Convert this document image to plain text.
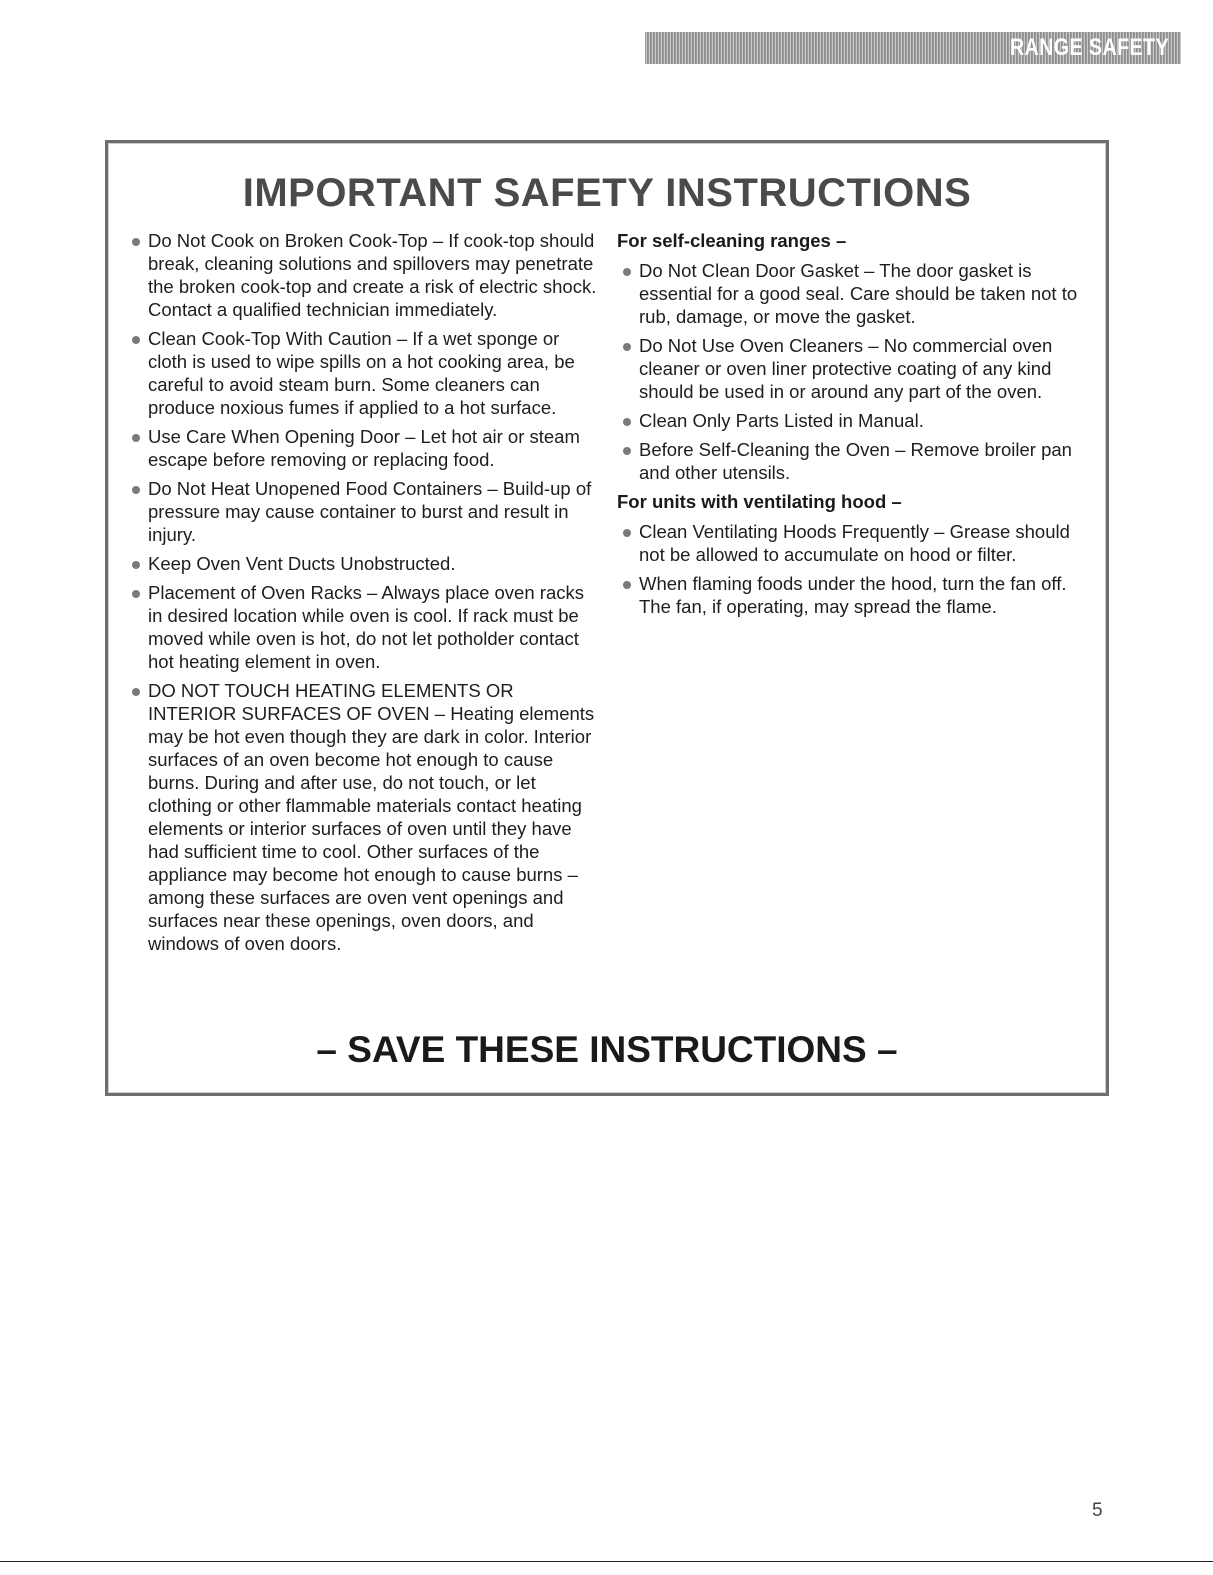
RANGE SAFETY
IMPORTANT SAFETY INSTRUCTIONS
Do Not Cook on Broken Cook-Top – If cook-top should break, cleaning solutions and spillovers may penetrate the broken cook-top and create a risk of electric shock. Contact a qualified technician immediately.
Clean Cook-Top With Caution – If a wet sponge or cloth is used to wipe spills on a hot cooking area, be careful to avoid steam burn. Some cleaners can produce noxious fumes if applied to a hot surface.
Use Care When Opening Door – Let hot air or steam escape before removing or replacing food.
Do Not Heat Unopened Food Containers – Build-up of pressure may cause container to burst and result in injury.
Keep Oven Vent Ducts Unobstructed.
Placement of Oven Racks – Always place oven racks in desired location while oven is cool. If rack must be moved while oven is hot, do not let potholder contact hot heating element in oven.
DO NOT TOUCH HEATING ELEMENTS OR INTERIOR SURFACES OF OVEN – Heating elements may be hot even though they are dark in color. Interior surfaces of an oven become hot enough to cause burns. During and after use, do not touch, or let clothing or other flammable materials contact heating elements or interior surfaces of oven until they have had sufficient time to cool. Other surfaces of the appliance may become hot enough to cause burns – among these surfaces are oven vent openings and surfaces near these openings, oven doors, and windows of oven doors.
For self-cleaning ranges –
Do Not Clean Door Gasket – The door gasket is essential for a good seal. Care should be taken not to rub, damage, or move the gasket.
Do Not Use Oven Cleaners – No commercial oven cleaner or oven liner protective coating of any kind should be used in or around any part of the oven.
Clean Only Parts Listed in Manual.
Before Self-Cleaning the Oven – Remove broiler pan and other utensils.
For units with ventilating hood –
Clean Ventilating Hoods Frequently – Grease should not be allowed to accumulate on hood or filter.
When flaming foods under the hood, turn the fan off. The fan, if operating, may spread the flame.
– SAVE THESE INSTRUCTIONS –
5
